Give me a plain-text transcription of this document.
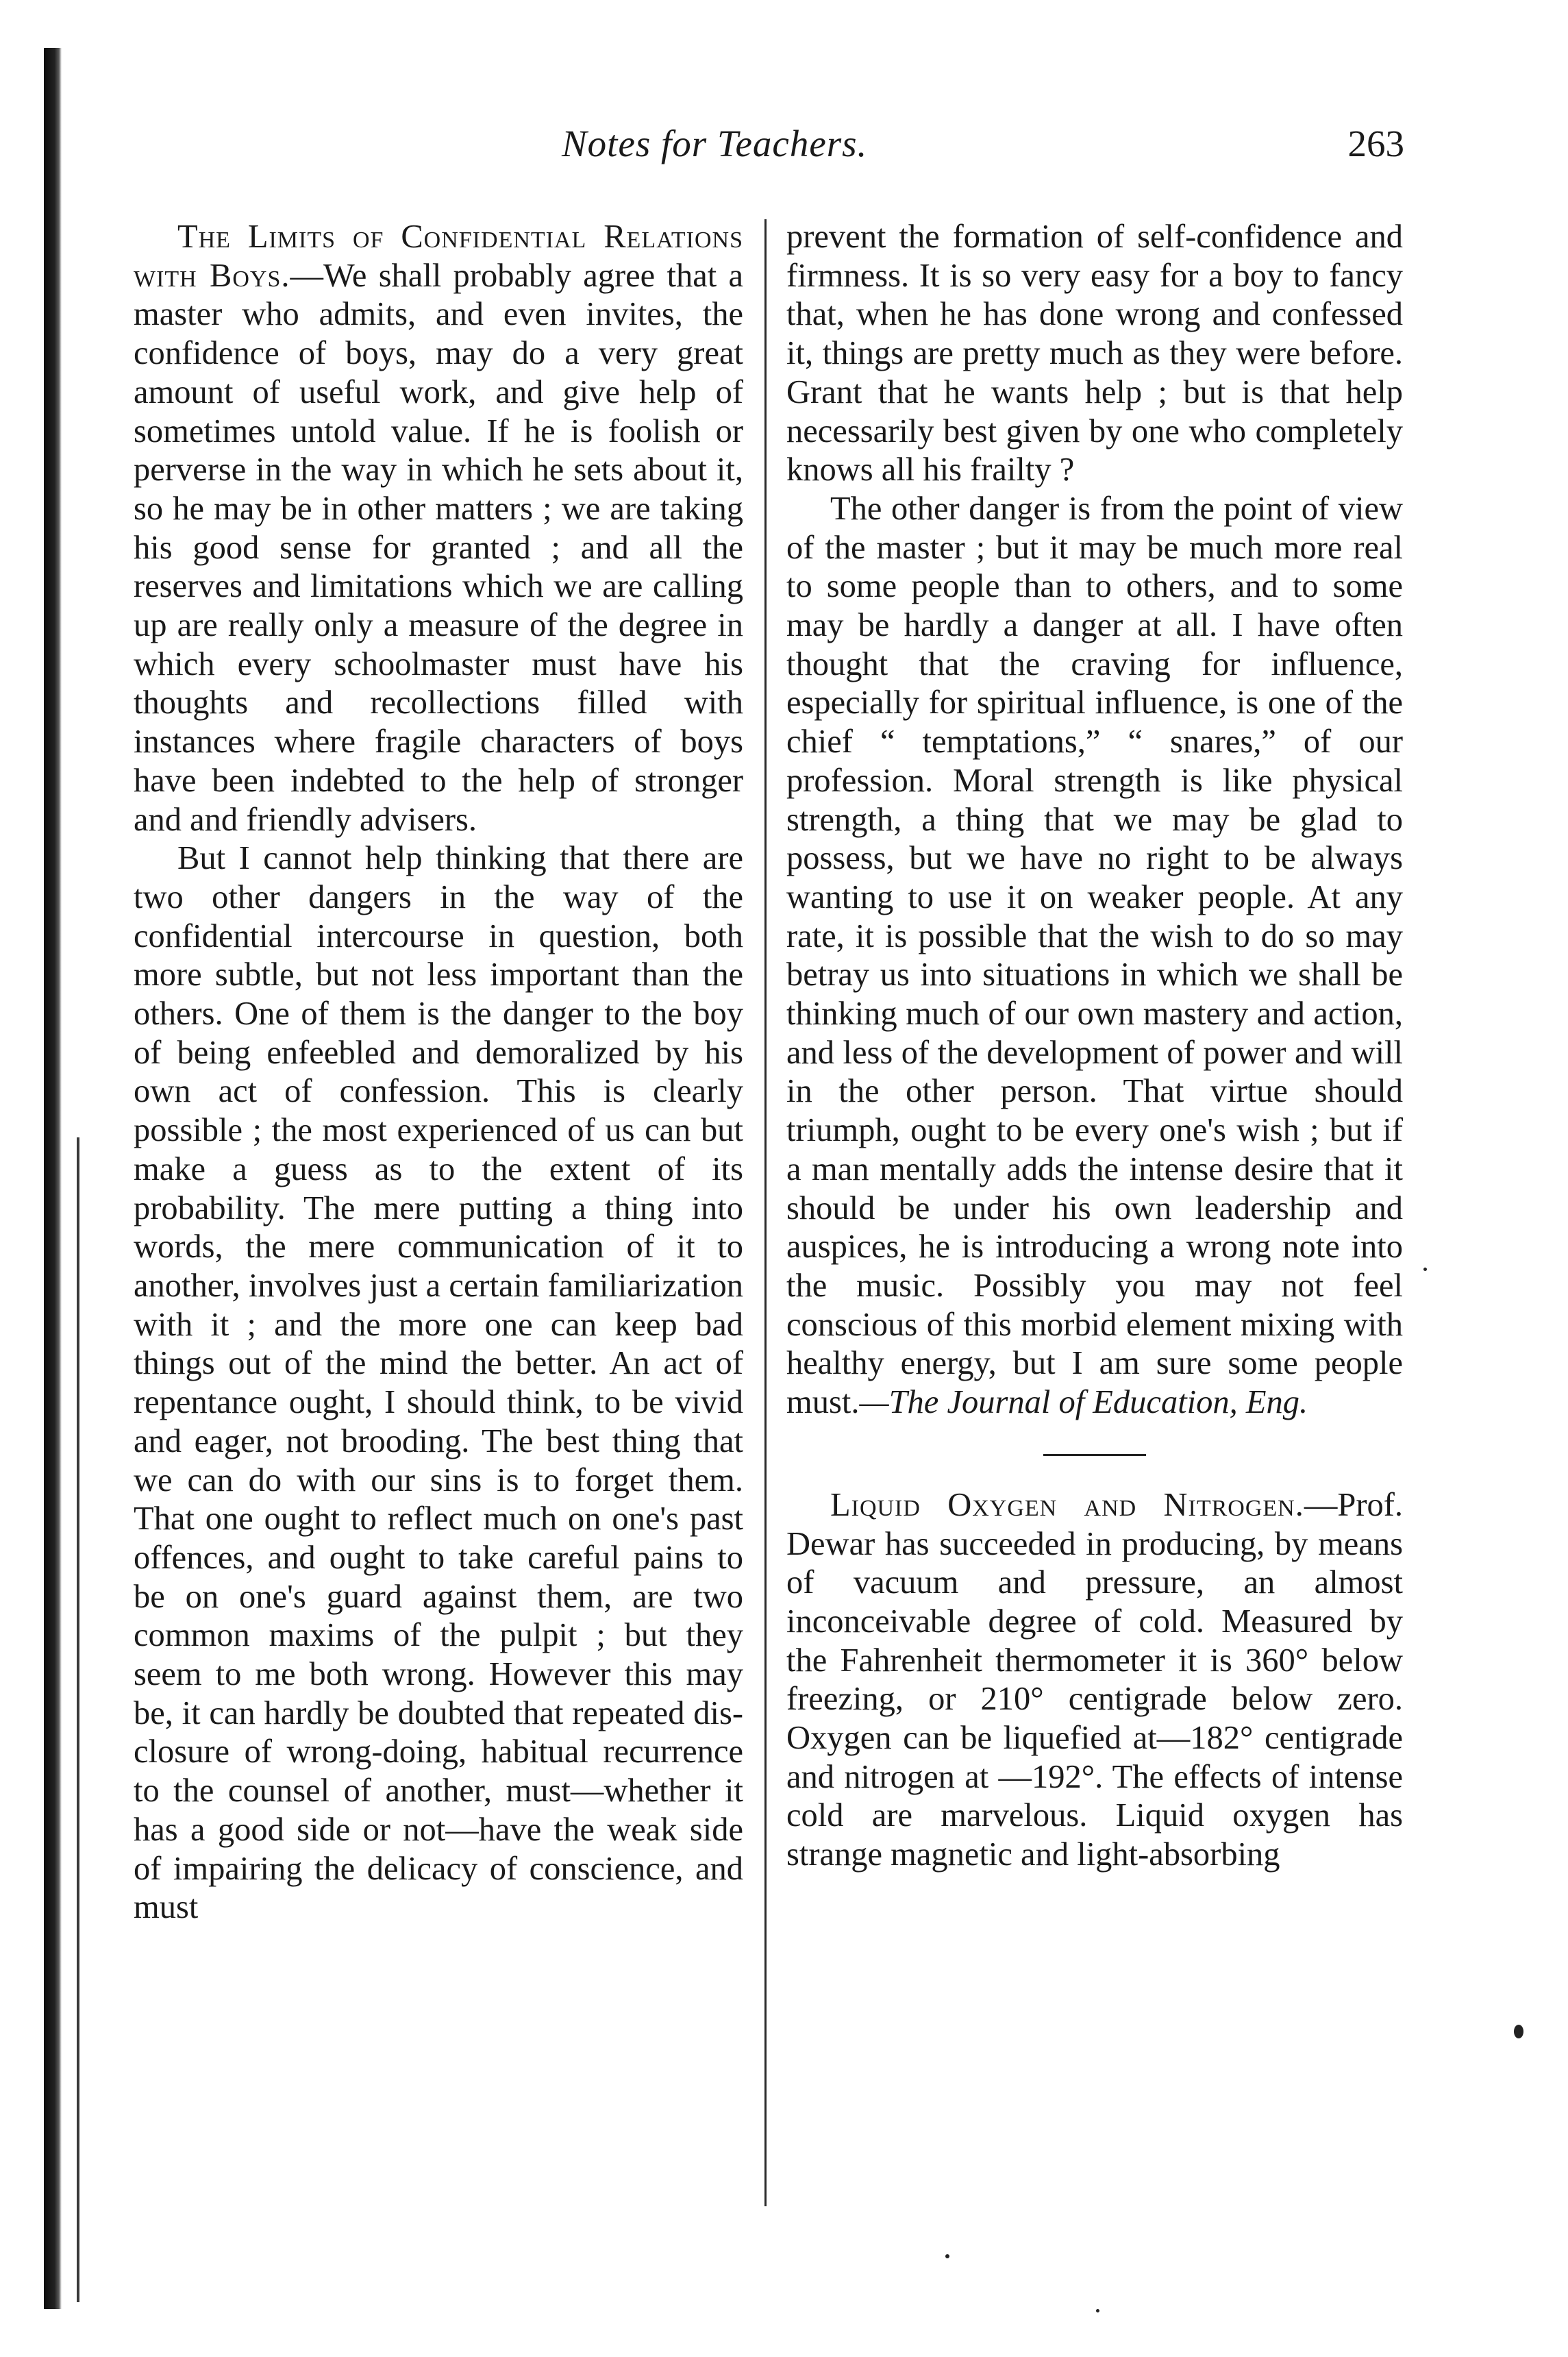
Notes for Teachers.	263

The Limits of Confidential Relations with Boys.—We shall probably agree that a master who admits, and even invites, the confidence of boys, may do a very great amount of useful work, and give help of sometimes untold value. If he is foolish or perverse in the way in which he sets about it, so he may be in other matters ; we are taking his good sense for granted ; and all the reserves and limitations which we are calling up are really only a measure of the degree in which every schoolmaster must have his thoughts and recollections filled with instances where fragile characters of boys have been indebted to the help of stronger and and friendly advisers.

But I cannot help thinking that there are two other dangers in the way of the confidential intercourse in question, both more subtle, but not less important than the others. One of them is the danger to the boy of being enfeebled and demoralized by his own act of confession. This is clearly possible ; the most experienced of us can but make a guess as to the extent of its probability. The mere putting a thing into words, the mere communication of it to another, involves just a certain familiarization with it ; and the more one can keep bad things out of the mind the better. An act of repentance ought, I should think, to be vivid and eager, not brooding. The best thing that we can do with our sins is to forget them. That one ought to reflect much on one's past offences, and ought to take careful pains to be on one's guard against them, are two common maxims of the pulpit ; but they seem to me both wrong. However this may be, it can hardly be doubted that repeated disclosure of wrong-doing, habitual recurrence to the counsel of another, must—whether it has a good side or not—have the weak side of impairing the delicacy of conscience, and must

prevent the formation of self-confidence and firmness. It is so very easy for a boy to fancy that, when he has done wrong and confessed it, things are pretty much as they were before. Grant that he wants help ; but is that help necessarily best given by one who completely knows all his frailty ?

The other danger is from the point of view of the master ; but it may be much more real to some people than to others, and to some may be hardly a danger at all. I have often thought that the craving for influence, especially for spiritual influence, is one of the chief “ temptations,” “ snares,” of our profession. Moral strength is like physical strength, a thing that we may be glad to possess, but we have no right to be always wanting to use it on weaker people. At any rate, it is possible that the wish to do so may betray us into situations in which we shall be thinking much of our own mastery and action, and less of the development of power and will in the other person. That virtue should triumph, ought to be every one's wish ; but if a man mentally adds the intense desire that it should be under his own leadership and auspices, he is introducing a wrong note into the music. Possibly you may not feel conscious of this morbid element mixing with healthy energy, but I am sure some people must.—The Journal of Education, Eng.

Liquid Oxygen and Nitrogen.—Prof. Dewar has succeeded in producing, by means of vacuum and pressure, an almost inconceivable degree of cold. Measured by the Fahrenheit thermometer it is 360° below freezing, or 210° centigrade below zero. Oxygen can be liquefied at—182° centigrade and nitrogen at —192°. The effects of intense cold are marvelous. Liquid oxygen has strange magnetic and light-absorbing
